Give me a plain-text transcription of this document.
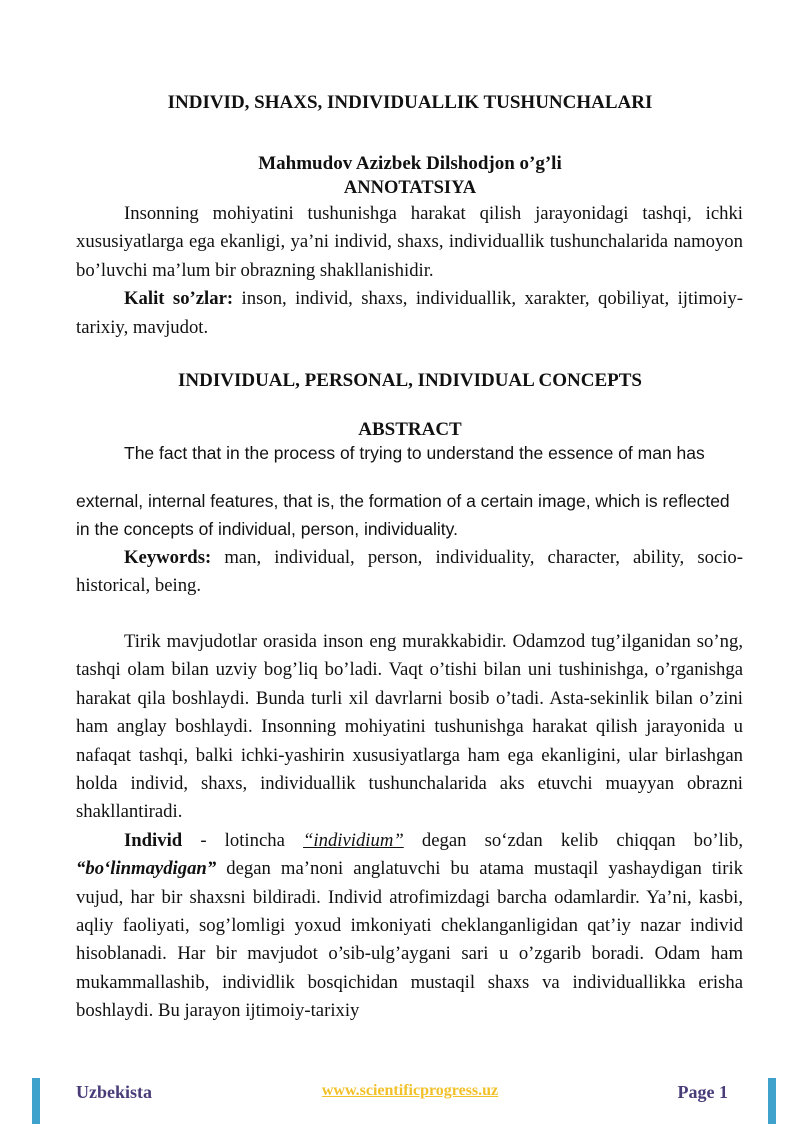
INDIVID, SHAXS, INDIVIDUALLIK TUSHUNCHALARI
Mahmudov Azizbek Dilshodjon o’g’li
ANNOTATSIYA

Insonning mohiyatini tushunishga harakat qilish jarayonidagi tashqi, ichki xususiyatlarga ega ekanligi, ya’ni individ, shaxs, individuallik tushunchalarida namoyon bo’luvchi ma’lum bir obrazning shakllanishidir.

Kalit so’zlar: inson, individ, shaxs, individuallik, xarakter, qobiliyat, ijtimoiy- tarixiy, mavjudot.

INDIVIDUAL, PERSONAL, INDIVIDUAL CONCEPTS
ABSTRACT
The fact that in the process of trying to understand the essence of man has
external, internal features, that is, the formation of a certain image, which is reflected in the concepts of individual, person, individuality.

Keywords: man, individual, person, individuality, character, ability, socio- historical, being.

Tirik mavjudotlar orasida inson eng murakkabidir. Odamzod tug’ilganidan so’ng, tashqi olam bilan uzviy bog’liq bo’ladi. Vaqt o’tishi bilan uni tushinishga, o’rganishga harakat qila boshlaydi. Bunda turli xil davrlarni bosib o’tadi. Asta-sekinlik bilan o’zini ham anglay boshlaydi. Insonning mohiyatini tushunishga harakat qilish jarayonida u nafaqat tashqi, balki ichki-yashirin xususiyatlarga ham ega ekanligini, ular birlashgan holda individ, shaxs, individuallik tushunchalarida aks etuvchi muayyan obrazni shakllantiradi.

Individ - lotincha “individium” degan so‘zdan kelib chiqqan bo’lib, “bo‘linmaydigan” degan ma’noni anglatuvchi bu atama mustaqil yashaydigan tirik vujud, har bir shaxsni bildiradi. Individ atrofimizdagi barcha odamlardir. Ya’ni, kasbi, aqliy faoliyati, sog’lomligi yoxud imkoniyati cheklanganligidan qat’iy nazar individ hisoblanadi. Har bir mavjudot o’sib-ulg’aygani sari u o’zgarib boradi. Odam ham mukammallashib, individlik bosqichidan mustaqil shaxs va individuallikka erisha boshlaydi. Bu jarayon ijtimoiy-tarixiy

Uzbekista	www.scientificprogress.uz	Page 1
